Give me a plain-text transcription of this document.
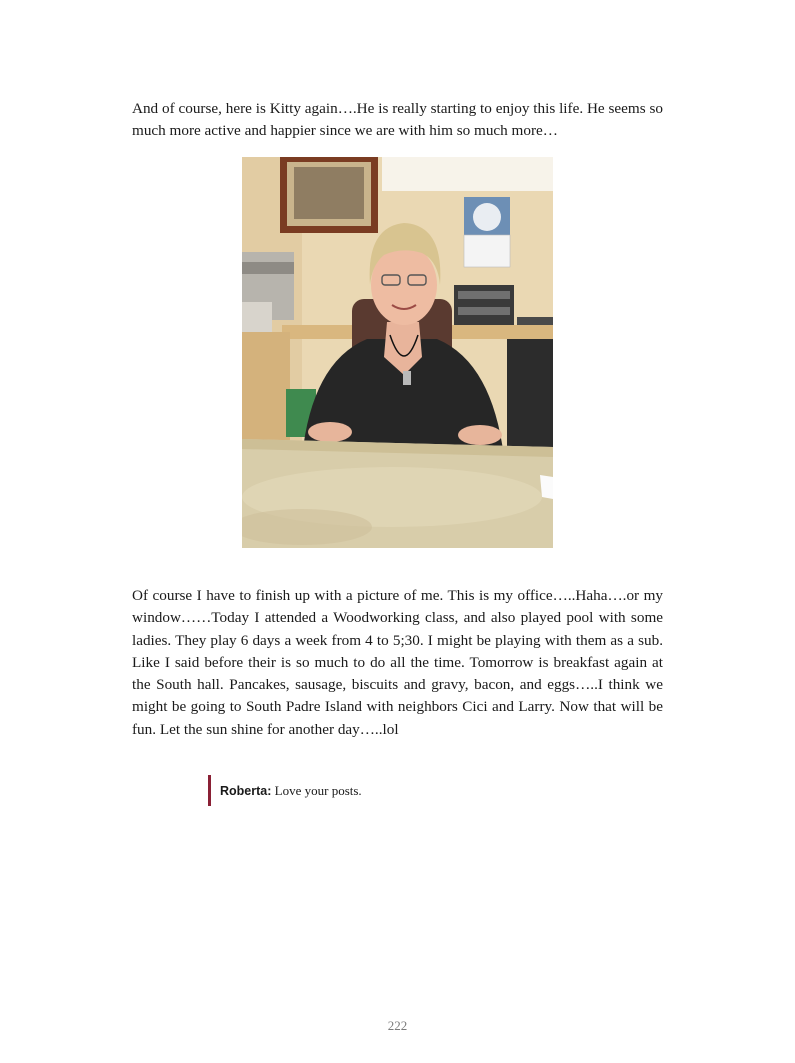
And of course, here is Kitty again….He is really starting to enjoy this life. He seems so much more active and happier since we are with him so much more…

Of course I have to finish up with a picture of me. This is my office…..Haha….or my window……Today I attended a Woodworking class, and also played pool with some ladies. They play 6 days a week from 4 to 5;30. I might be playing with them as a sub. Like I said before their is so much to do all the time. Tomorrow is breakfast again at the South hall. Pancakes, sausage, biscuits and gravy, bacon, and eggs…..I think we might be going to South Padre Island with neighbors Cici and Larry. Now that will be fun. Let the sun shine for another day…..lol

Roberta: Love your posts.
222
